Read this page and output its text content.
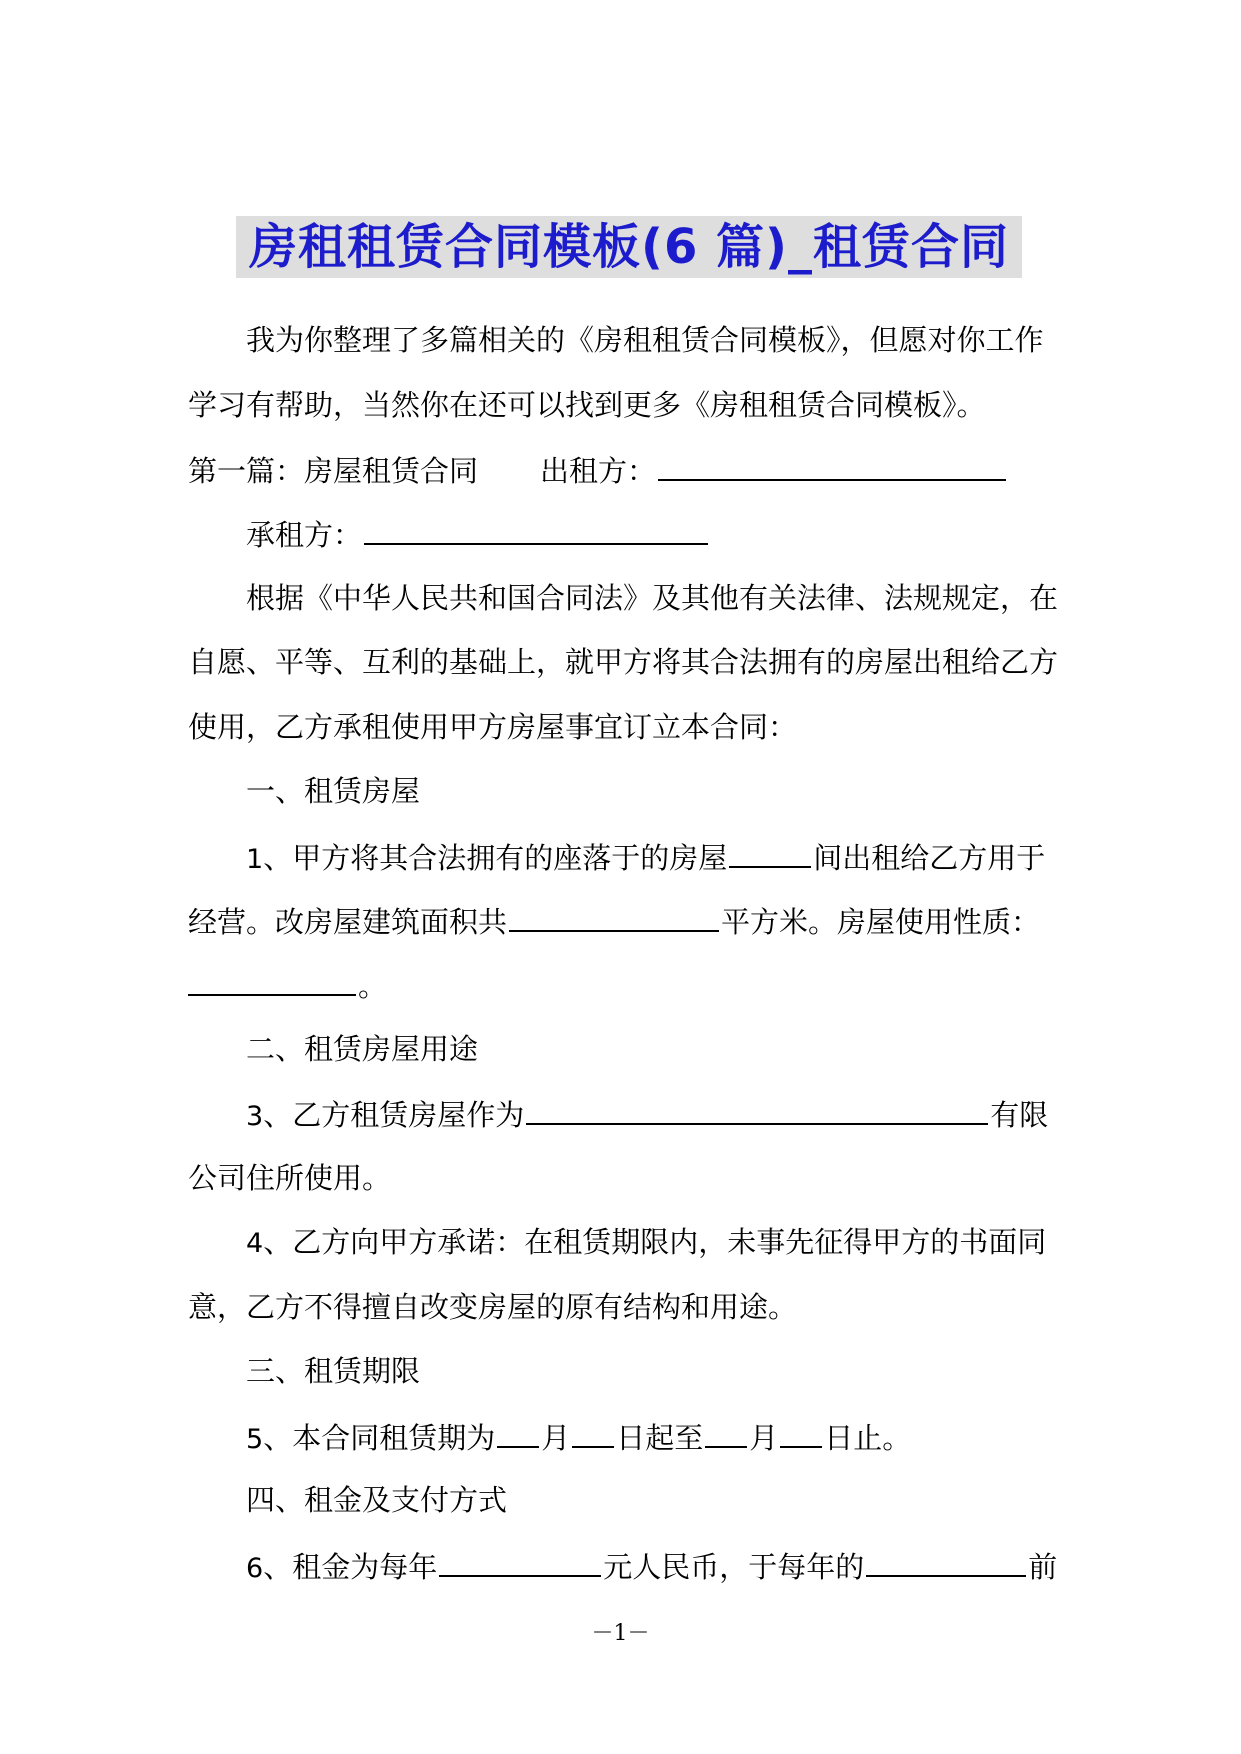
房租租赁合同模板(6 篇)_租赁合同
我为你整理了多篇相关的《房租租赁合同模板》，但愿对你工作
学习有帮助，当然你在还可以找到更多《房租租赁合同模板》。
第一篇：房屋租赁合同 出租方：
承租方：
根据《中华人民共和国合同法》及其他有关法律、法规规定，在
自愿、平等、互利的基础上，就甲方将其合法拥有的房屋出租给乙方
使用，乙方承租使用甲方房屋事宜订立本合同：
一、租赁房屋
1、甲方将其合法拥有的座落于的房屋	间出租给乙方用于
经营。改房屋建筑面积共	平方米。房屋使用性质：
。
二、租赁房屋用途
3、乙方租赁房屋作为	有限
公司住所使用。
4、乙方向甲方承诺：在租赁期限内，未事先征得甲方的书面同
意，乙方不得擅自改变房屋的原有结构和用途。
三、租赁期限
5、本合同租赁期为 月 日起至 月 日止。
四、租金及支付方式
6、租金为每年	元人民币，于每年的	前
－1－
